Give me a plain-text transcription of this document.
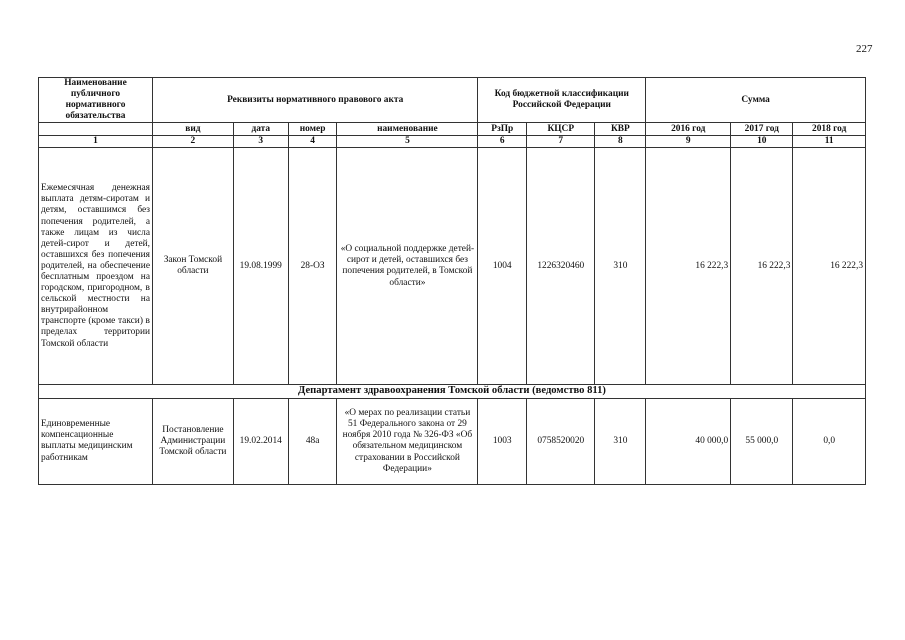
227
Наименование публичного нормативного обязательства	Реквизиты нормативного правового акта				Код бюджетной классификации Российской Федерации			Сумма		
	вид	дата	номер	наименование	РзПр	КЦСР	КВР	2016 год	2017 год	2018 год
1	2	3	4	5	6	7	8	9	10	11
Ежемесячная денежная выплата детям-сиротам и детям, оставшимся без попечения родителей, а также лицам из числа детей-сирот и детей, оставшихся без попечения родителей, на обеспечение бесплатным проездом на городском, пригородном, в сельской местности на внутрирайонном транспорте (кроме такси) в пределах территории Томской области	Закон Томской области	19.08.1999	28-ОЗ	«О социальной поддержке детей-сирот и детей, оставшихся без попечения родителей, в Томской области»	1004	1226320460	310	16 222,3	16 222,3	16 222,3
Департамент здравоохранения Томской области (ведомство 811)										
Единовременные компенсационные выплаты медицинским работникам	Постановление Администрации Томской области	19.02.2014	48а	«О мерах по реализации статьи 51 Федерального закона от 29 ноября 2010 года № 326-ФЗ «Об обязательном медицинском страховании в Российской Федерации»	1003	0758520020	310	40 000,0	55 000,0	0,0
